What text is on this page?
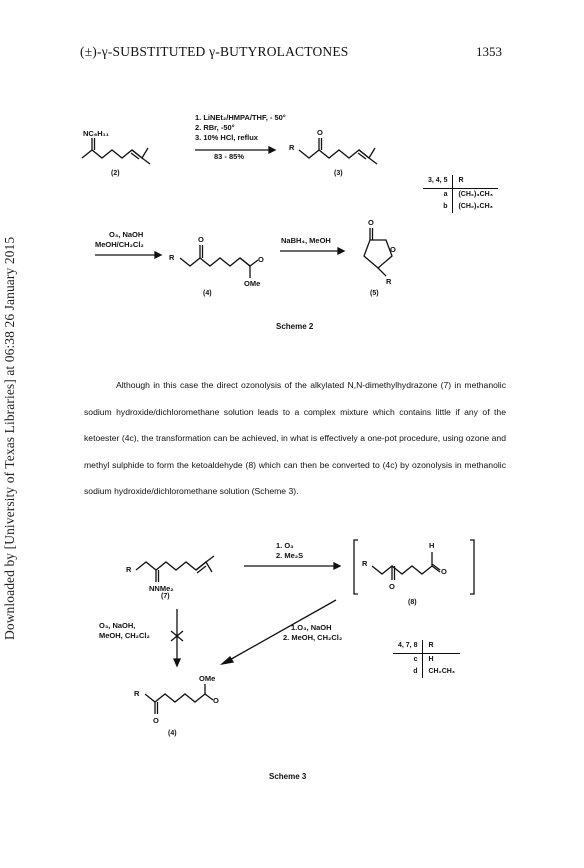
Downloaded by [University of Texas Libraries] at 06:38 26 January 2015
(±)-γ-SUBSTITUTED γ-BUTYROLACTONES	1353
NC₆H₁₁
(2)
1. LiNEt₂/HMPA/THF, - 50°
2. RBr, -50°
3. 10% HCl, reflux
83 - 85%
O
R
(3)
3, 4, 5	R
a	(CH₂)₃CH₃
b	(CH₂)₆CH₃
O₃, NaOH
MeOH/CH₂Cl₂
O
R	O
OMe
(4)
NaBH₄, MeOH
O
O
R
(5)
Scheme 2

Although in this case the direct ozonolysis of the alkylated N,N-dimethylhydrazone (7) in methanolic sodium hydroxide/dichloromethane solution leads to a complex mixture which contains little if any of the ketoester (4c), the transformation can be achieved, in what is effectively a one-pot procedure, using ozone and methyl sulphide to form the ketoaldehyde (8) which can then be converted to (4c) by ozonolysis in methanolic sodium hydroxide/dichloromethane solution (Scheme 3).

R
NNMe₂
(7)
1. O₃
2. Me₂S
R
O
H
O
(8)
1.O₃, NaOH
2. MeOH, CH₂Cl₂
O₃, NaOH,
MeOH, CH₂Cl₂
R
O
OMe
O
(4)
4, 7, 8	R
c	H
d	CH₂CH₃
Scheme 3
